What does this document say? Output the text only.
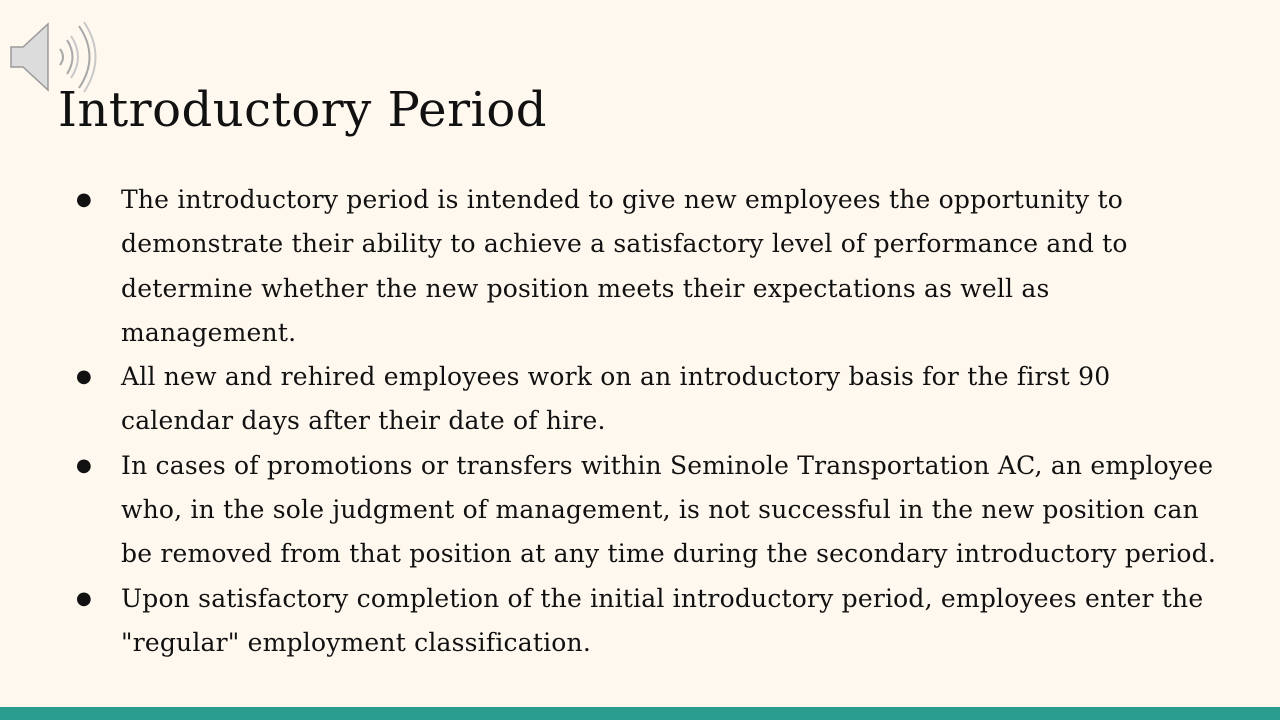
Introductory Period
● The introductory period is intended to give new employees the opportunity to demonstrate their ability to achieve a satisfactory level of performance and to determine whether the new position meets their expectations as well as management.
● All new and rehired employees work on an introductory basis for the first 90 calendar days after their date of hire.
● In cases of promotions or transfers within Seminole Transportation AC, an employee who, in the sole judgment of management, is not successful in the new position can be removed from that position at any time during the secondary introductory period.
● Upon satisfactory completion of the initial introductory period, employees enter the "regular" employment classification.
